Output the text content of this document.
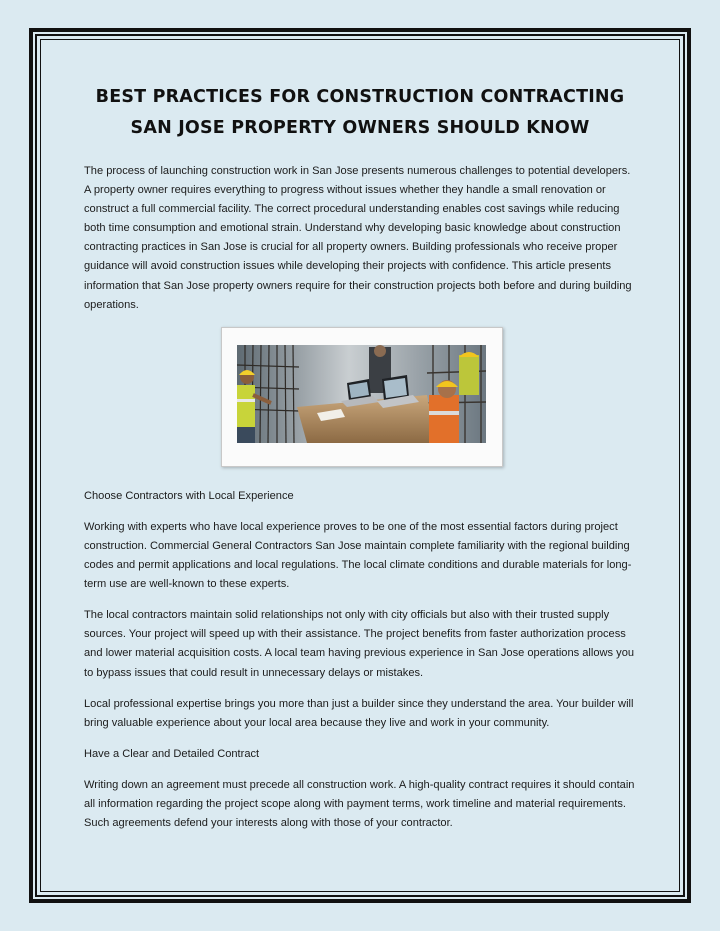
BEST PRACTICES FOR CONSTRUCTION CONTRACTING
SAN JOSE PROPERTY OWNERS SHOULD KNOW

The process of launching construction work in San Jose presents numerous challenges to potential developers. A property owner requires everything to progress without issues whether they handle a small renovation or construct a full commercial facility. The correct procedural understanding enables cost savings while reducing both time consumption and emotional strain. Understand why developing basic knowledge about construction contracting practices in San Jose is crucial for all property owners. Building professionals who receive proper guidance will avoid construction issues while developing their projects with confidence. This article presents information that San Jose property owners require for their construction projects both before and during building operations.

Choose Contractors with Local Experience

Working with experts who have local experience proves to be one of the most essential factors during project construction. Commercial General Contractors San Jose maintain complete familiarity with the regional building codes and permit applications and local regulations. The local climate conditions and durable materials for long-term use are well-known to these experts.

The local contractors maintain solid relationships not only with city officials but also with their trusted supply sources. Your project will speed up with their assistance. The project benefits from faster authorization process and lower material acquisition costs. A local team having previous experience in San Jose operations allows you to bypass issues that could result in unnecessary delays or mistakes.

Local professional expertise brings you more than just a builder since they understand the area. Your builder will bring valuable experience about your local area because they live and work in your community.

Have a Clear and Detailed Contract

Writing down an agreement must precede all construction work. A high-quality contract requires it should contain all information regarding the project scope along with payment terms, work timeline and material requirements. Such agreements defend your interests along with those of your contractor.
